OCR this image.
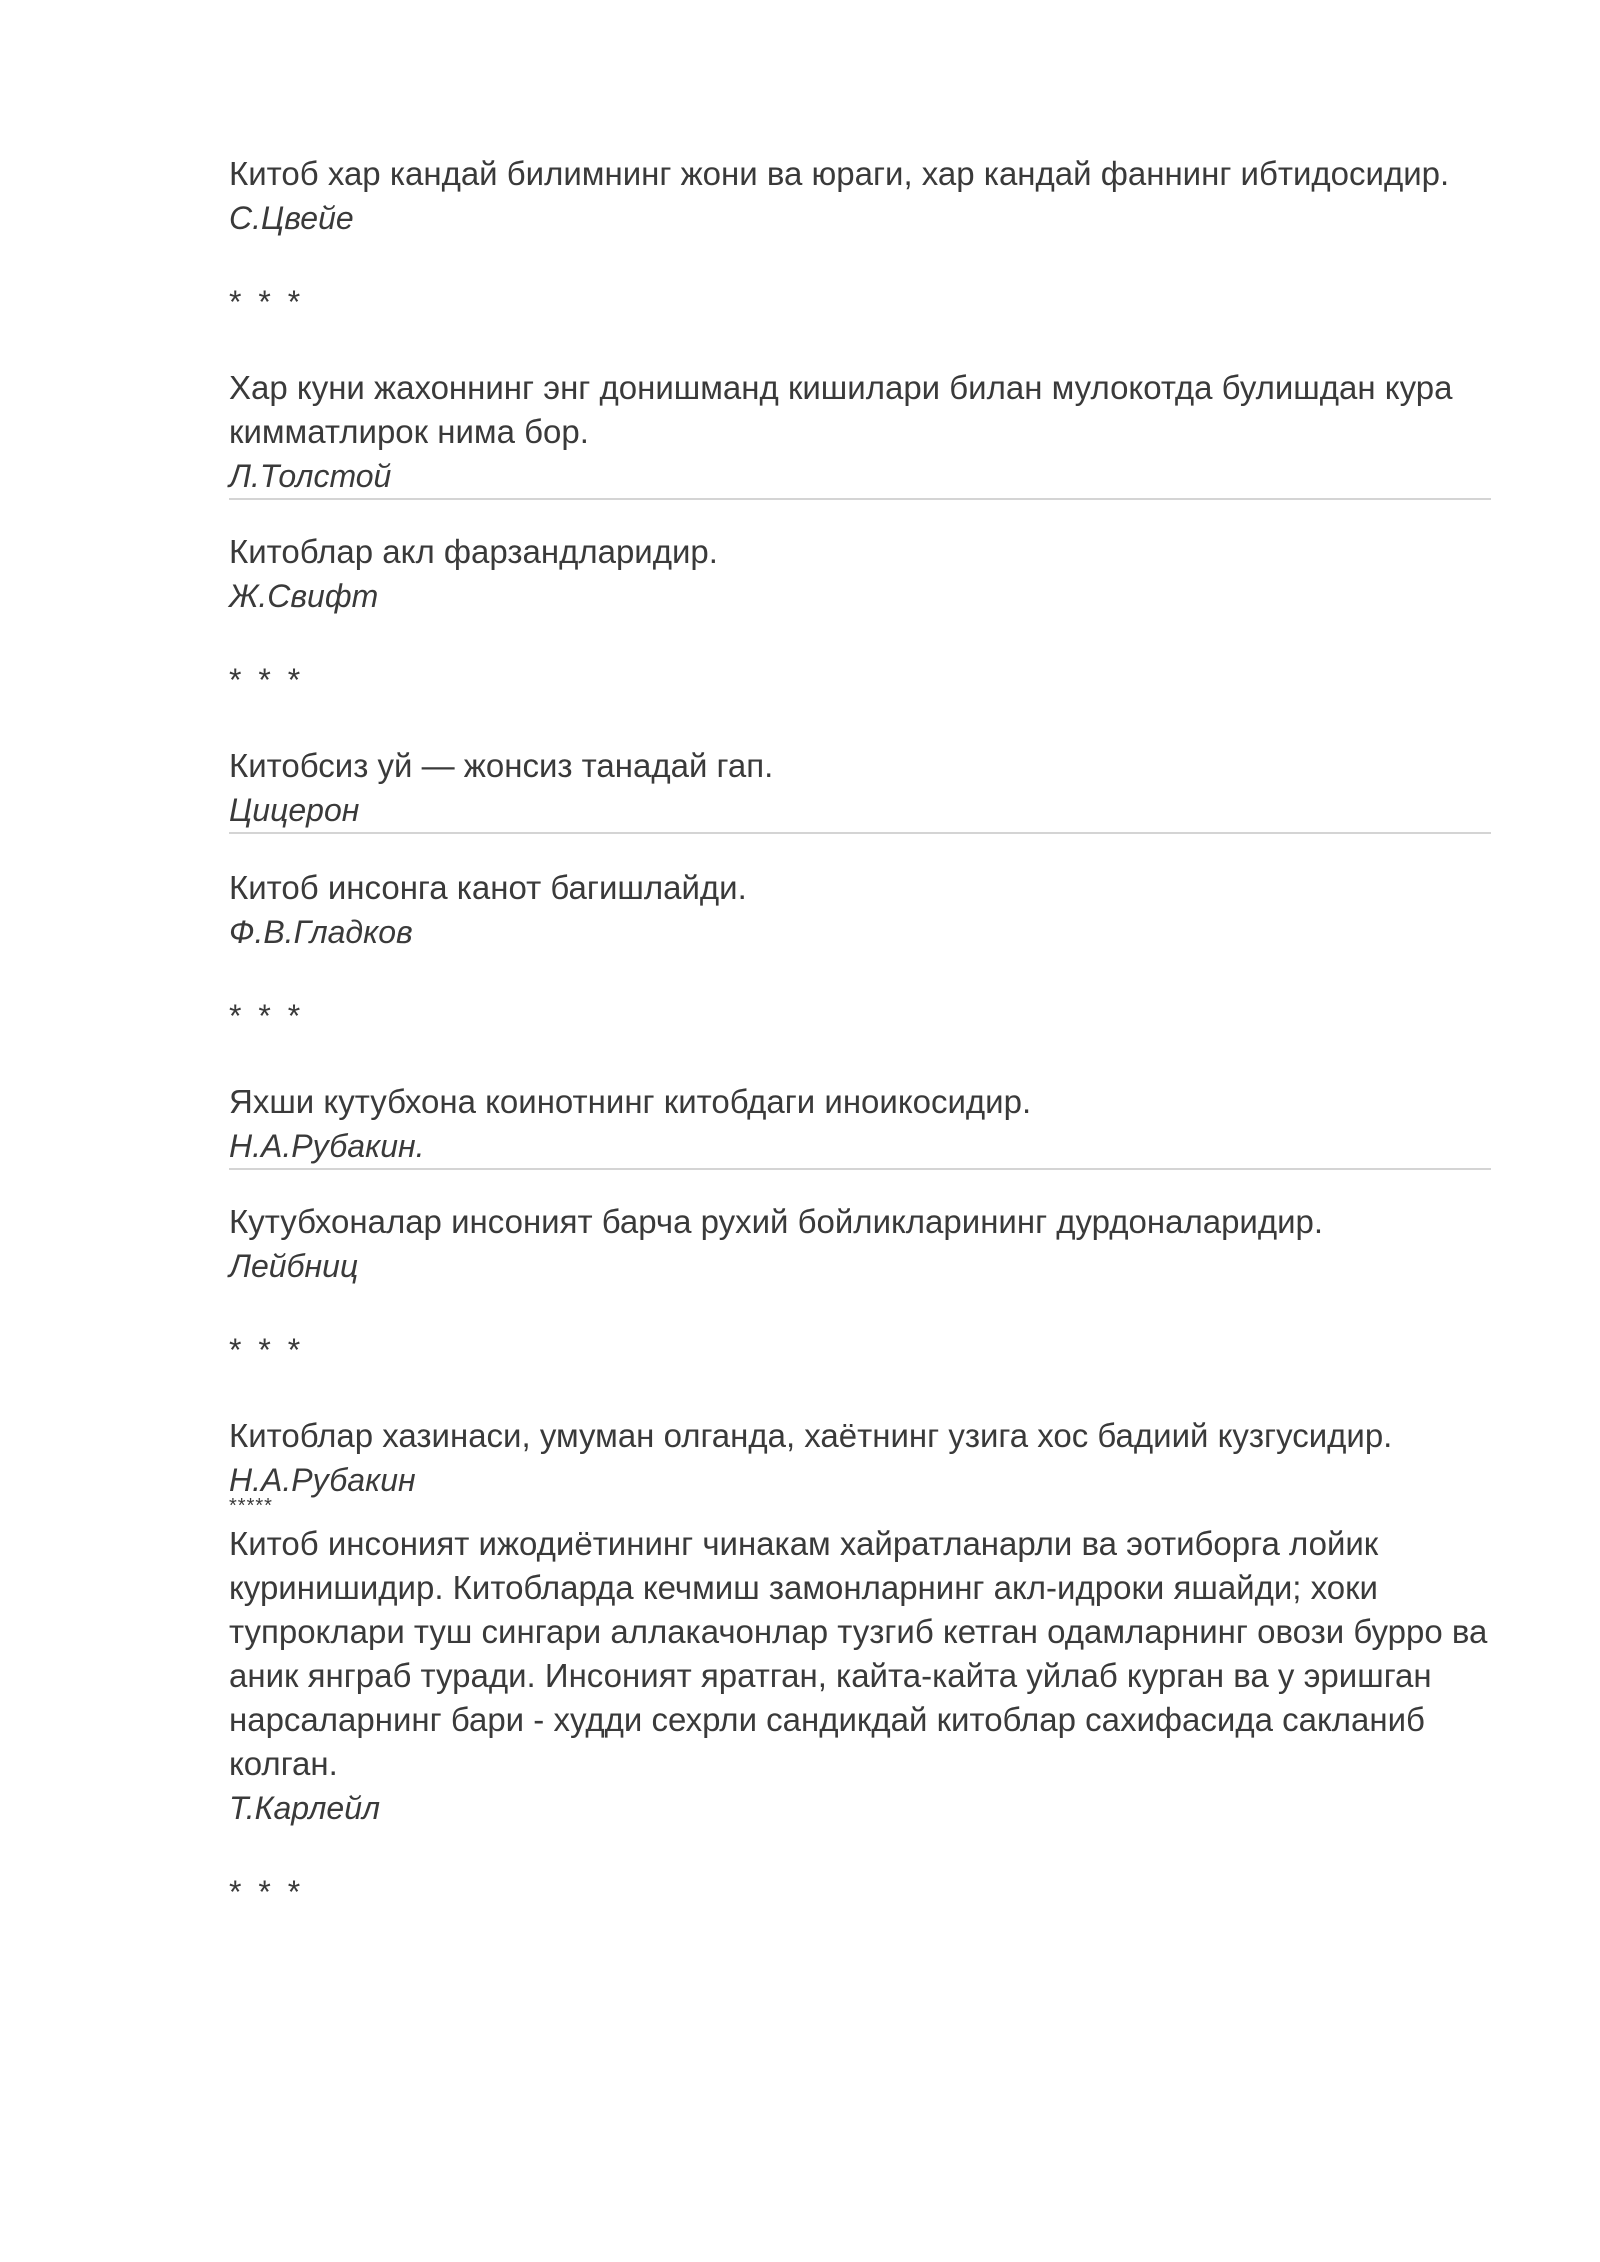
Китоб хар кандай билимнинг жони ва юраги, хар кандай фаннинг ибтидосидир.

С.Цвейе

* * *

Хар куни жахоннинг энг донишманд кишилари билан мулокотда булишдан кура кимматлирок нима бор.

Л.Толстой

Китоблар акл фарзандларидир.

Ж.Свифт

* * *

Китобсиз уй — жонсиз танадай гап.

Цицерон

Китоб инсонга канот багишлайди.

Ф.В.Гладков

* * *

Яхши кутубхона коинотнинг китобдаги иноикосидир.

Н.А.Рубакин.

Кутубхоналар инсоният барча рухий бойликларининг дурдоналаридир.

Лейбниц

* * *

Китоблар хазинаси, умуман олганда, хаётнинг узига хос бадиий кузгусидир.

Н.А.Рубакин

*****

Китоб инсоният ижодиётининг чинакам хайратланарли ва эотиборга лойик куринишидир. Китобларда кечмиш замонларнинг акл-идроки яшайди; хоки тупроклари туш сингари аллакачонлар тузгиб кетган одамларнинг овози бурро ва аник янграб туради. Инсоният яратган, кайта-кайта уйлаб курган ва у эришган нарсаларнинг бари - худди сехрли сандикдай китоблар сахифасида сакланиб колган.

Т.Карлейл

* * *
